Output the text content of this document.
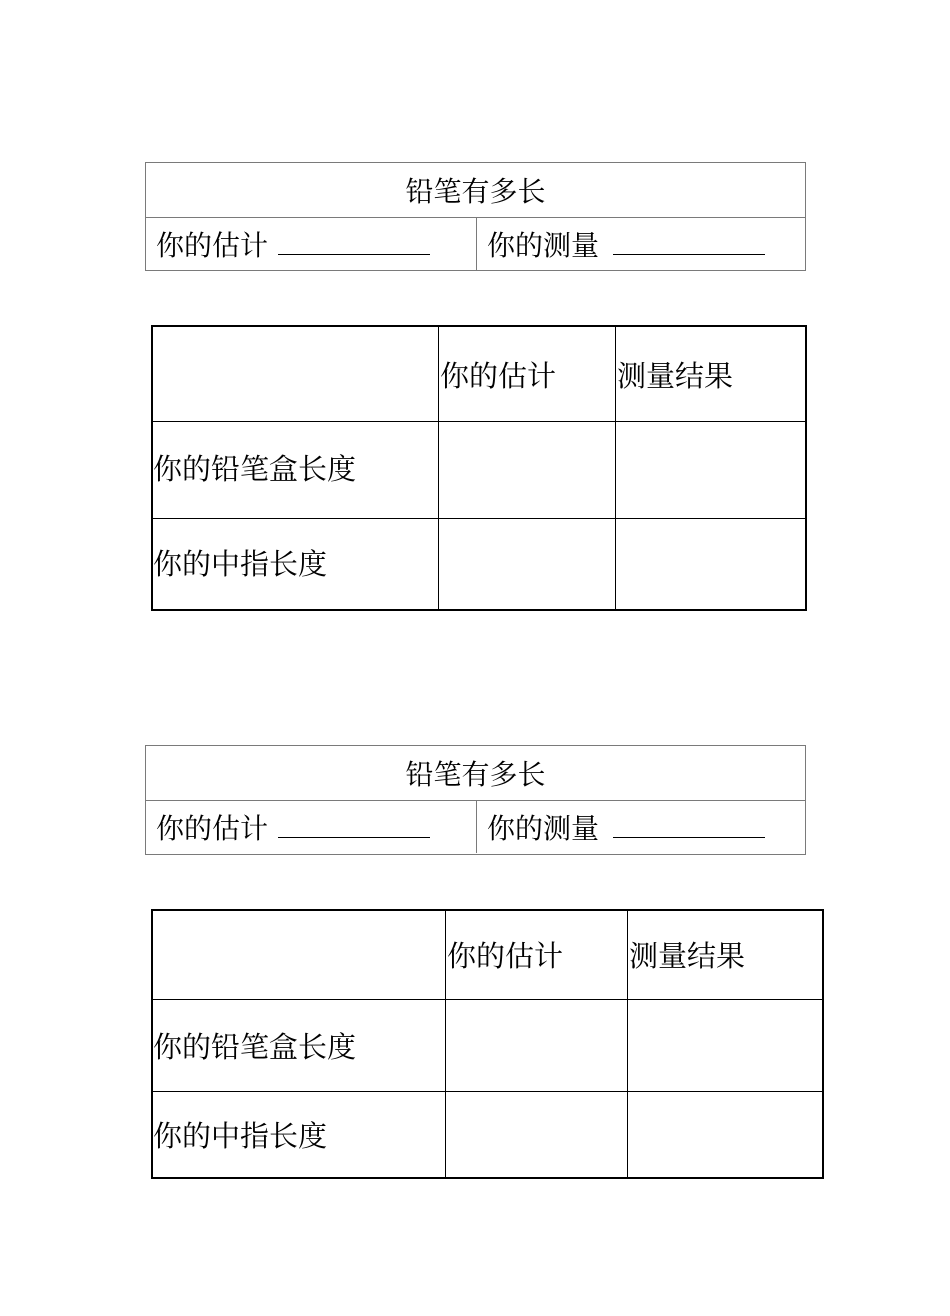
铅笔有多长
你的估计	你的测量
你的估计 测量结果
你的铅笔盒长度
你的中指长度
铅笔有多长
你的估计	你的测量
你的估计 测量结果
你的铅笔盒长度
你的中指长度
